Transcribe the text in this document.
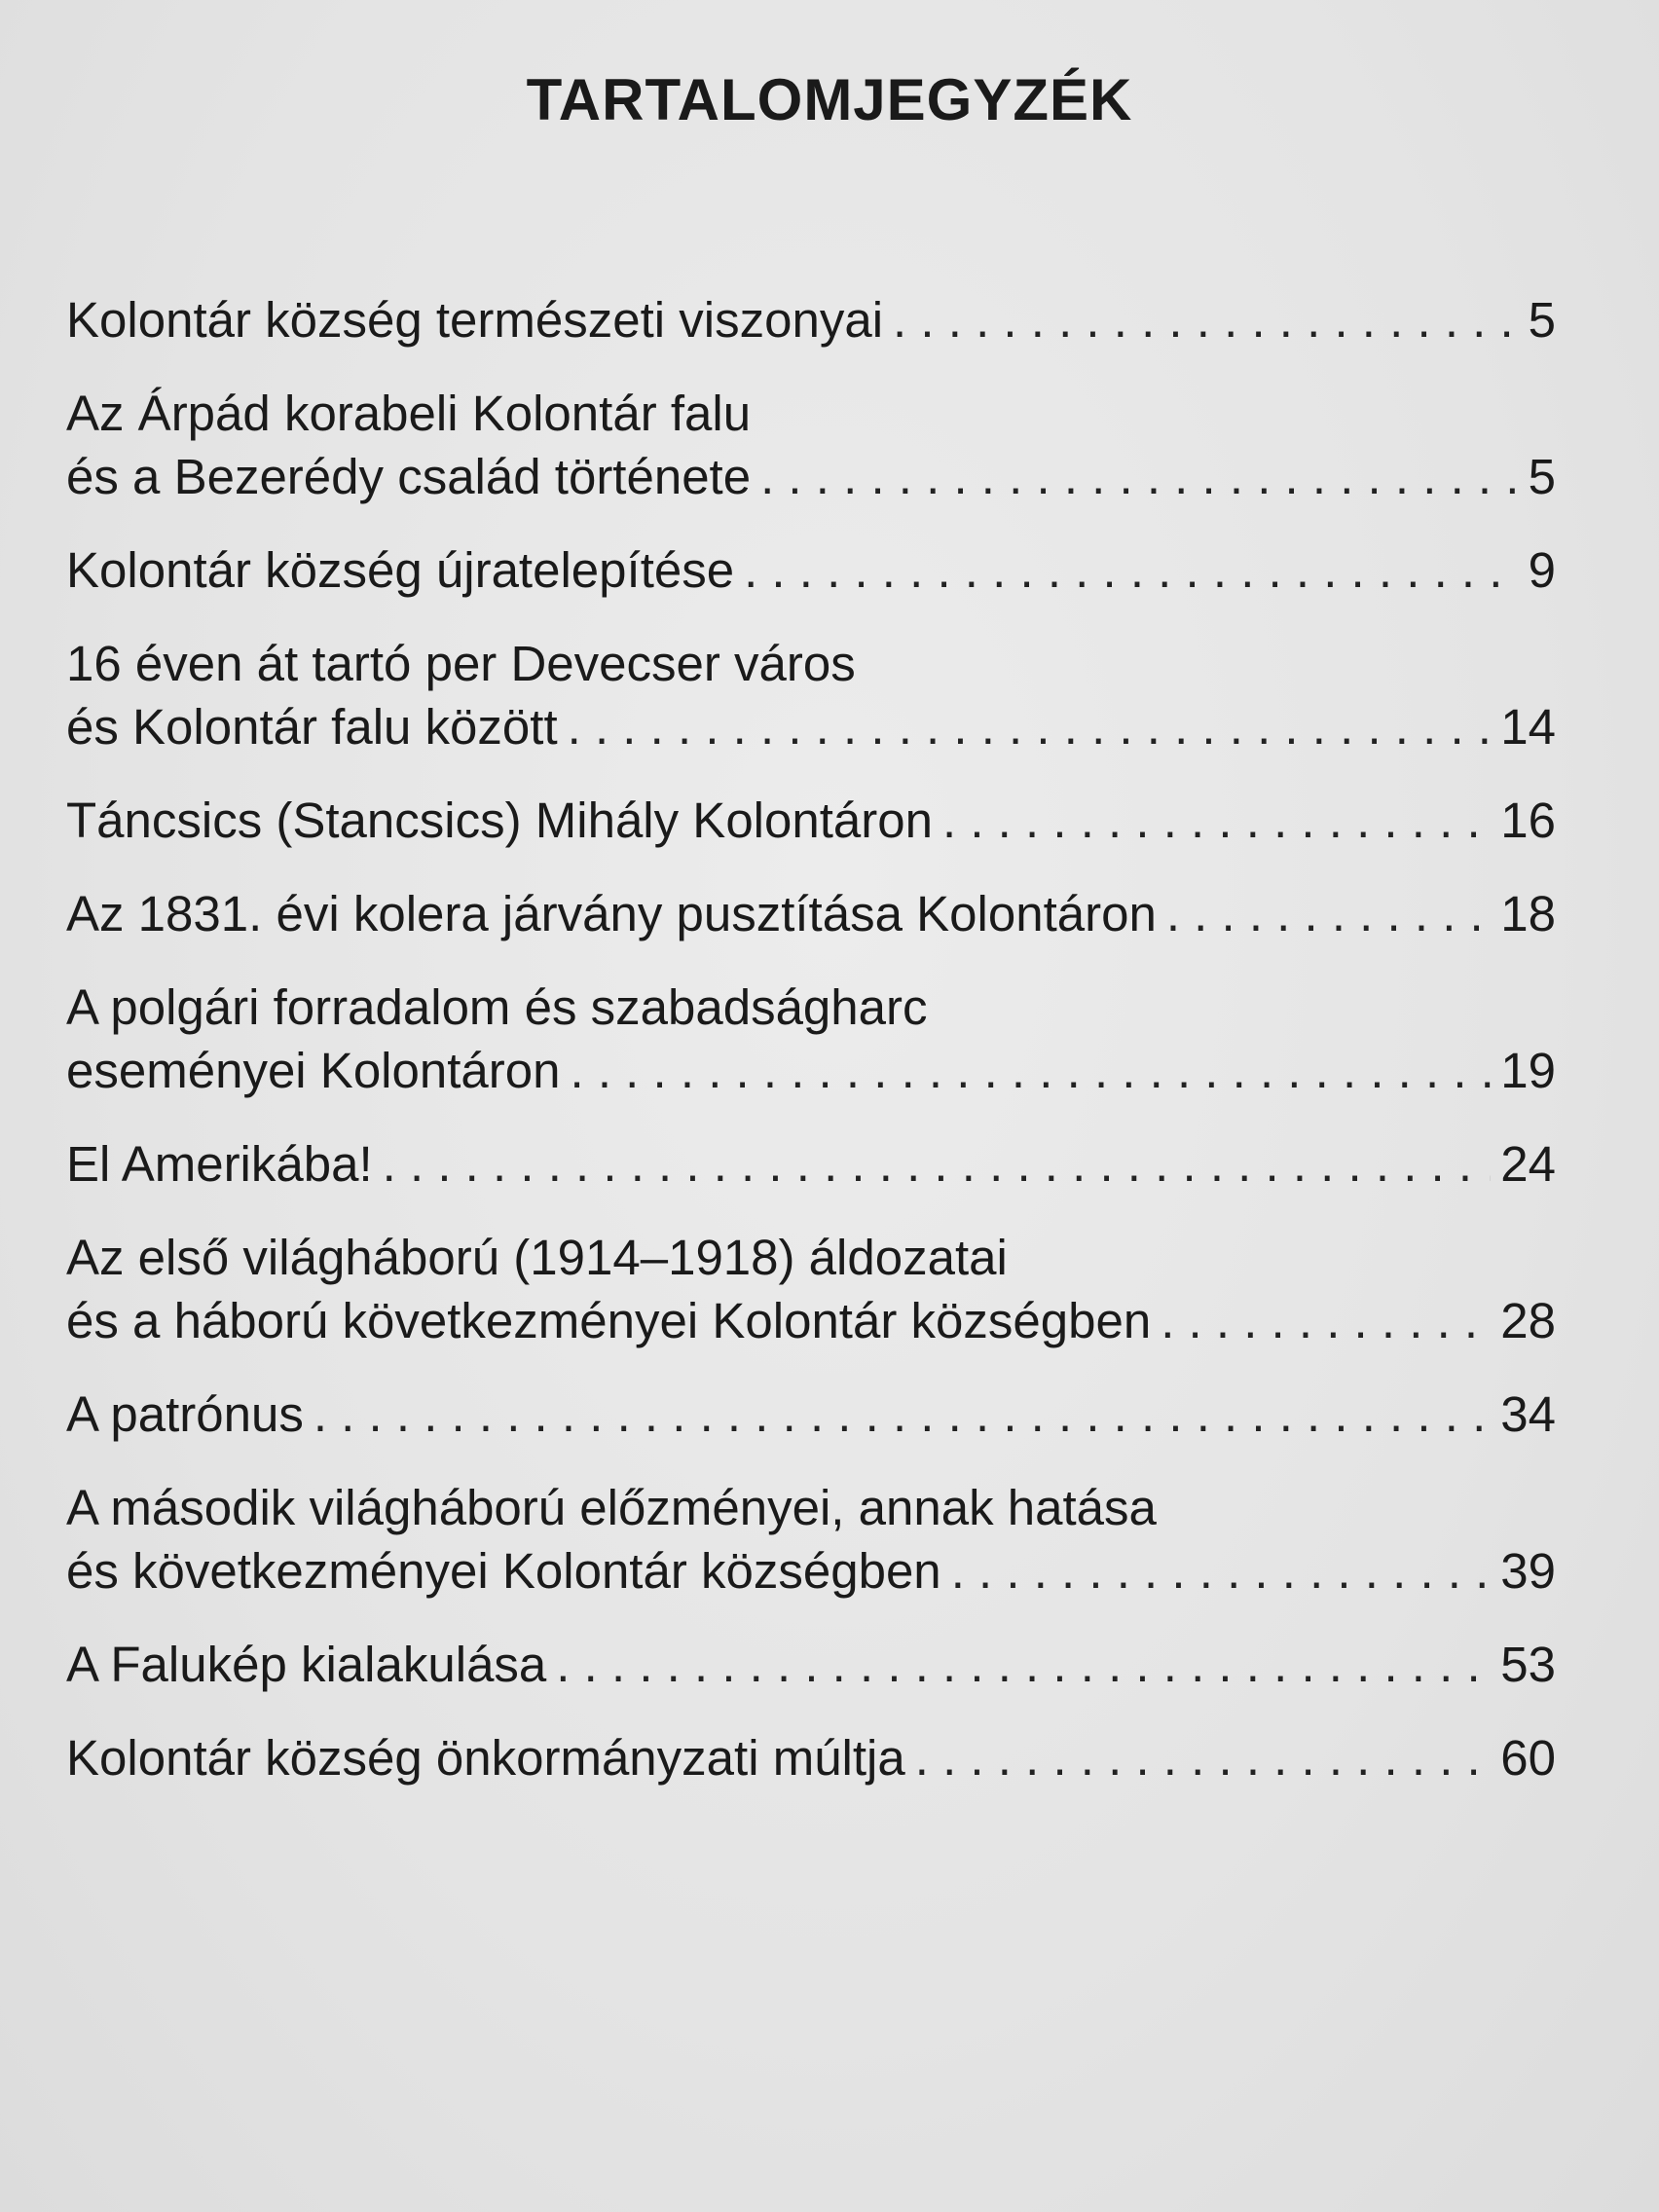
TARTALOMJEGYZÉK
Kolontár község természeti viszonyai . . .	5
Az Árpád korabeli Kolontár falu
és a Bezerédy család története . . .	5
Kolontár község újratelepítése . . .	9
16 éven át tartó per Devecser város
és Kolontár falu között . . .	14
Táncsics (Stancsics) Mihály Kolontáron . . .	16
Az 1831. évi kolera járvány pusztítása Kolontáron . . .	18
A polgári forradalom és szabadságharc
eseményei Kolontáron . . .	19
El Amerikába! . . .	24
Az első világháború (1914–1918) áldozatai
és a háború következményei Kolontár községben . . .	28
A patrónus . . .	34
A második világháború előzményei, annak hatása
és következményei Kolontár községben . . .	39
A Falukép kialakulása . . .	53
Kolontár község önkormányzati múltja . . .	60
